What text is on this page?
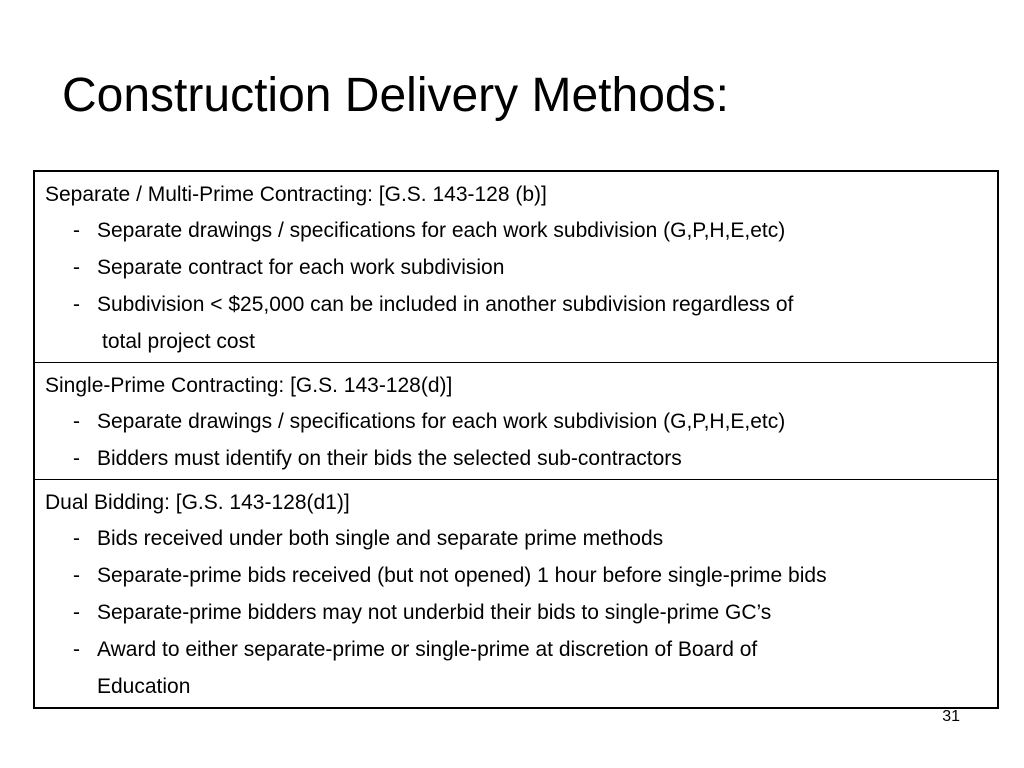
Construction Delivery Methods:
Separate / Multi-Prime Contracting: [G.S. 143-128 (b)]
- Separate drawings / specifications for each work subdivision (G,P,H,E,etc)
- Separate contract for each work subdivision
- Subdivision < $25,000 can be included in another subdivision regardless of
total project cost
Single-Prime Contracting: [G.S. 143-128(d)]
- Separate drawings / specifications for each work subdivision (G,P,H,E,etc)
- Bidders must identify on their bids the selected sub-contractors
Dual Bidding: [G.S. 143-128(d1)]
- Bids received under both single and separate prime methods
- Separate-prime bids received (but not opened) 1 hour before single-prime bids
- Separate-prime bidders may not underbid their bids to single-prime GC’s
- Award to either separate-prime or single-prime at discretion of Board of
Education
31
